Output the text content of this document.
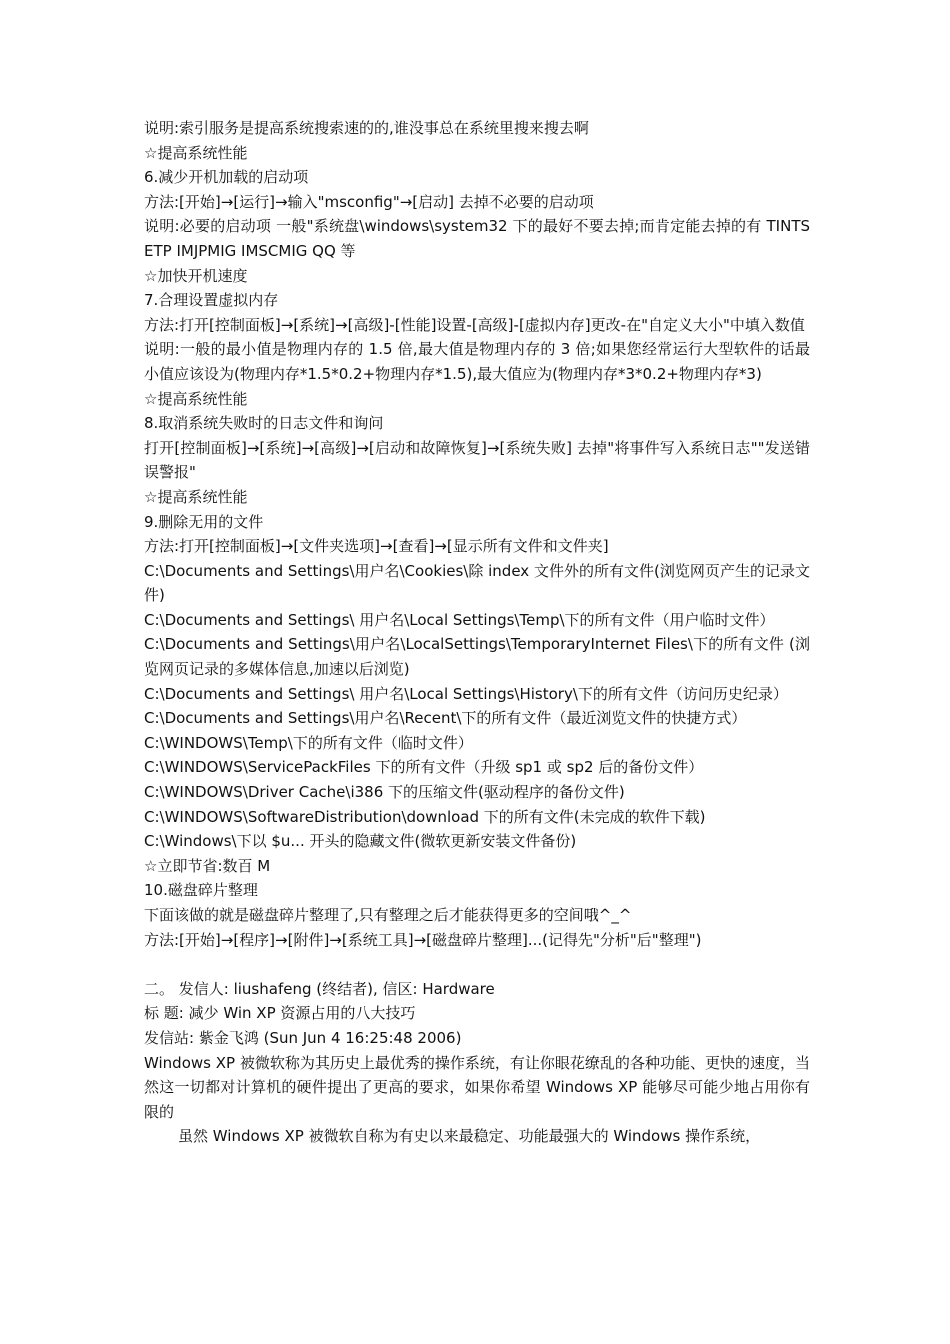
说明:索引服务是提高系统搜索速的的,谁没事总在系统里搜来搜去啊
☆提高系统性能
6.减少开机加载的启动项
方法:[开始]→[运行]→输入"msconfig"→[启动] 去掉不必要的启动项
说明:必要的启动项 一般"系统盘\windows\system32 下的最好不要去掉;而肯定能去掉的有 TINTSETP IMJPMIG IMSCMIG QQ 等
☆加快开机速度
7.合理设置虚拟内存
方法:打开[控制面板]→[系统]→[高级]-[性能]设置-[高级]-[虚拟内存]更改-在"自定义大小"中填入数值
说明:一般的最小值是物理内存的 1.5 倍,最大值是物理内存的 3 倍;如果您经常运行大型软件的话最小值应该设为(物理内存*1.5*0.2+物理内存*1.5),最大值应为(物理内存*3*0.2+物理内存*3)
☆提高系统性能
8.取消系统失败时的日志文件和询问
打开[控制面板]→[系统]→[高级]→[启动和故障恢复]→[系统失败] 去掉"将事件写入系统日志""发送错误警报"
☆提高系统性能
9.删除无用的文件
方法:打开[控制面板]→[文件夹选项]→[查看]→[显示所有文件和文件夹]
C:\Documents and Settings\用户名\Cookies\除 index 文件外的所有文件(浏览网页产生的记录文件)
C:\Documents and Settings\ 用户名\Local Settings\Temp\下的所有文件（用户临时文件）
C:\Documents and Settings\用户名\LocalSettings\TemporaryInternet Files\下的所有文件 (浏览网页记录的多媒体信息,加速以后浏览)
C:\Documents and Settings\ 用户名\Local Settings\History\下的所有文件（访问历史纪录）
C:\Documents and Settings\用户名\Recent\下的所有文件（最近浏览文件的快捷方式）
C:\WINDOWS\Temp\下的所有文件（临时文件）
C:\WINDOWS\ServicePackFiles 下的所有文件（升级 sp1 或 sp2 后的备份文件）
C:\WINDOWS\Driver Cache\i386 下的压缩文件(驱动程序的备份文件)
C:\WINDOWS\SoftwareDistribution\download 下的所有文件(未完成的软件下载)
C:\Windows\下以 $u... 开头的隐藏文件(微软更新安装文件备份)
☆立即节省:数百 M
10.磁盘碎片整理
下面该做的就是磁盘碎片整理了,只有整理之后才能获得更多的空间哦^_^
方法:[开始]→[程序]→[附件]→[系统工具]→[磁盘碎片整理]...(记得先"分析"后"整理")
二。 发信人: liushafeng (终结者), 信区: Hardware
标 题: 减少 Win XP 资源占用的八大技巧
发信站: 紫金飞鸿 (Sun Jun 4 16:25:48 2006)
Windows XP 被微软称为其历史上最优秀的操作系统，有让你眼花缭乱的各种功能、更快的速度，当然这一切都对计算机的硬件提出了更高的要求，如果你希望 Windows XP 能够尽可能少地占用你有限的
虽然 Windows XP 被微软自称为有史以来最稳定、功能最强大的 Windows 操作系统，
